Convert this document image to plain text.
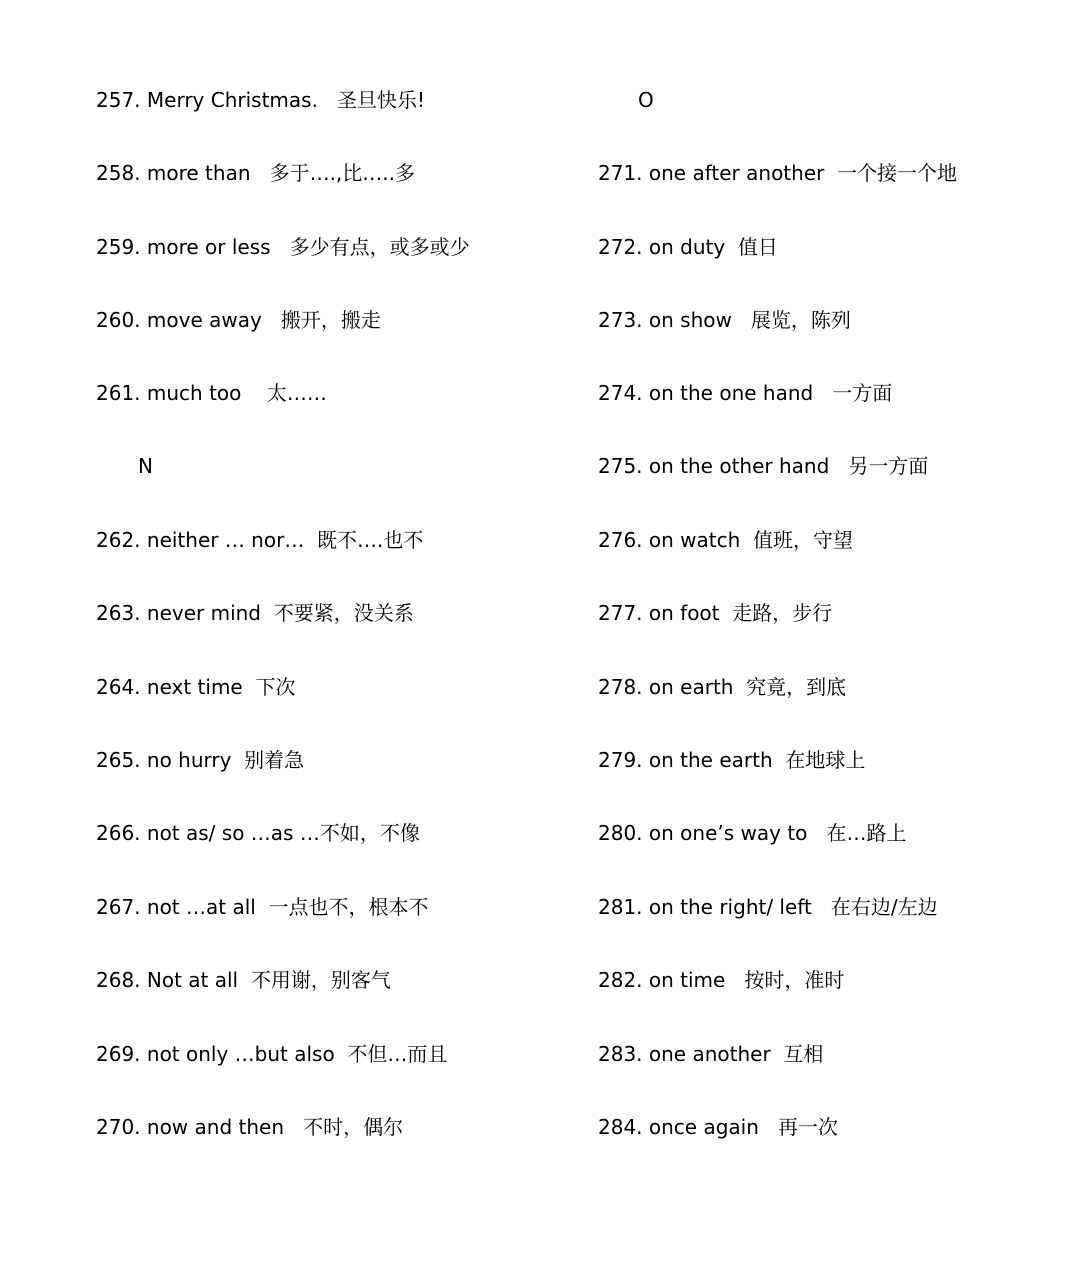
257. Merry Christmas.   圣旦快乐!
258. more than   多于….,比…..多
259. more or less   多少有点，或多或少
260. move away   搬开，搬走
261. much too    太……
N
262. neither … nor…  既不….也不
263. never mind  不要紧，没关系
264. next time  下次
265. no hurry  别着急
266. not as/ so …as …不如，不像
267. not …at all  一点也不，根本不
268. Not at all  不用谢，别客气
269. not only …but also  不但…而且
270. now and then   不时，偶尔
O
271. one after another  一个接一个地
272. on duty  值日
273. on show   展览，陈列
274. on the one hand   一方面
275. on the other hand   另一方面
276. on watch  值班，守望
277. on foot  走路，步行
278. on earth  究竟，到底
279. on the earth  在地球上
280. on one’s way to   在…路上
281. on the right/ left   在右边/左边
282. on time   按时，准时
283. one another  互相
284. once again   再一次
